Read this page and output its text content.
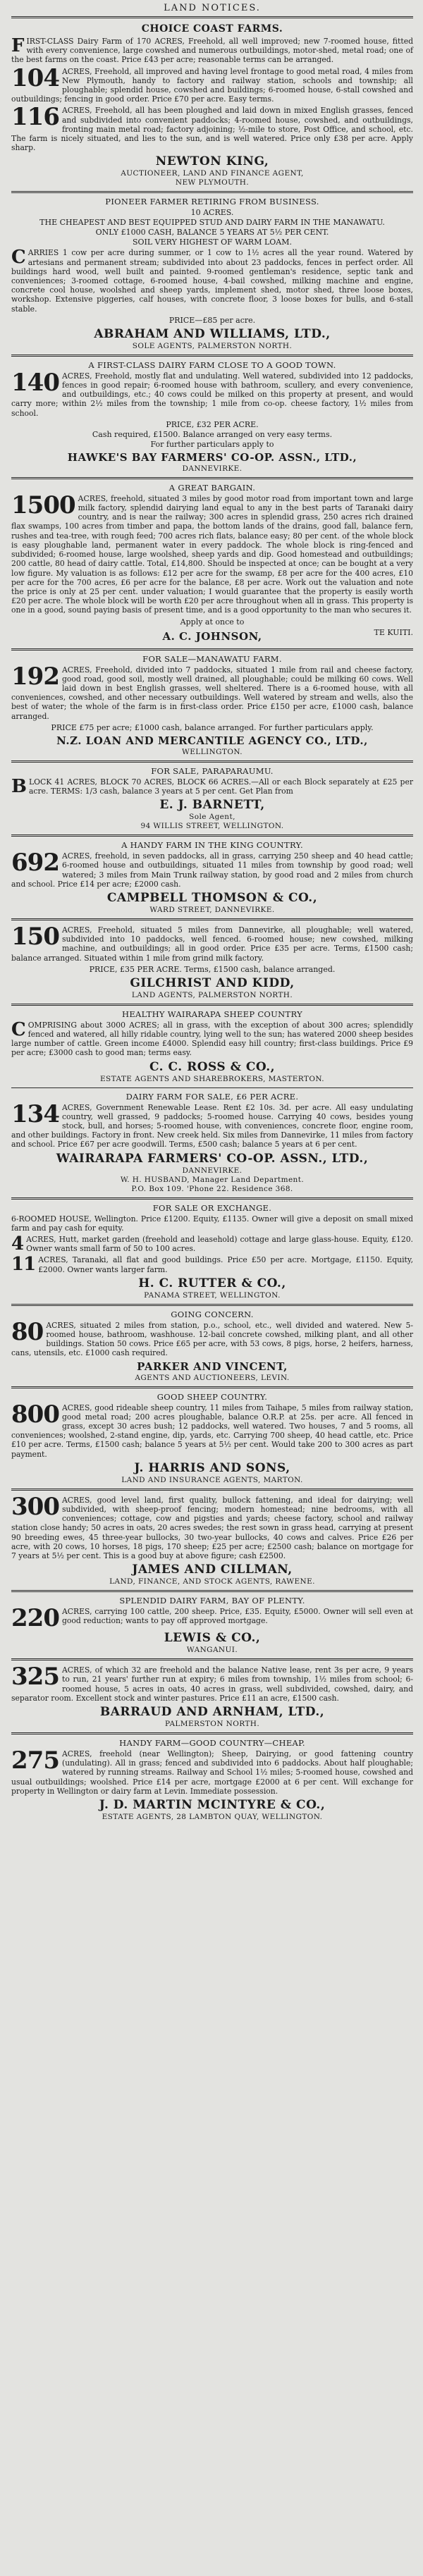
LAND NOTICES.
CHOICE COAST FARMS.

FIRST-CLASS Dairy Farm of 170 ACRES, Freehold, all well improved; new 7-roomed house, fitted with every convenience, large cowshed and numerous outbuildings, motor-shed, metal road; one of the best farms on the coast. Price £43 per acre; reasonable terms can be arranged.

104 ACRES, Freehold, all improved and having level frontage to good metal road, 4 miles from New Plymouth, handy to factory and railway station, schools and township; all ploughable; splendid house, cowshed and buildings; 6-roomed house, 6-stall cowshed and outbuildings; fencing in good order. Price £70 per acre. Easy terms.

116 ACRES, Freehold, all has been ploughed and laid down in mixed English grasses, fenced and subdivided into convenient paddocks; 4-roomed house, cowshed, and outbuildings, fronting main metal road; factory adjoining; ½-mile to store, Post Office, and school, etc. The farm is nicely situated, and lies to the sun, and is well watered. Price only £38 per acre. Apply sharp.

NEWTON KING,
AUCTIONEER, LAND AND FINANCE AGENT,
NEW PLYMOUTH.
PIONEER FARMER RETIRING FROM BUSINESS.
10 ACRES.
THE CHEAPEST AND BEST EQUIPPED STUD AND DAIRY FARM IN THE MANAWATU.
ONLY £1000 CASH, BALANCE 5 YEARS AT 5½ PER CENT.
SOIL VERY HIGHEST OF WARM LOAM.

CARRIES 1 cow per acre during summer, or 1 cow to 1½ acres all the year round. Watered by artesians and permanent stream; subdivided into about 23 paddocks, fences in perfect order. All buildings hard wood, well built and painted. 9-roomed gentleman's residence, septic tank and conveniences; 3-roomed cottage, 6-roomed house, 4-bail cowshed, milking machine and engine, concrete cool house, woolshed and sheep yards, implement shed, motor shed, three loose boxes, workshop. Extensive piggeries, calf houses, with concrete floor, 3 loose boxes for bulls, and 6-stall stable.

PRICE—£85 per acre.
ABRAHAM AND WILLIAMS, LTD.,
SOLE AGENTS, PALMERSTON NORTH.
A FIRST-CLASS DAIRY FARM CLOSE TO A GOOD TOWN.

140 ACRES, Freehold, mostly flat and undulating. Well watered, subdivided into 12 paddocks, fences in good repair; 6-roomed house with bathroom, scullery, and every convenience, and outbuildings, etc.; 40 cows could be milked on this property at present, and would carry more; within 2½ miles from the township; 1 mile from co-op. cheese factory, 1½ miles from school.

PRICE, £32 PER ACRE.
Cash required, £1500. Balance arranged on very easy terms.
For further particulars apply to
HAWKE'S BAY FARMERS' CO-OP. ASSN., LTD.,
DANNEVIRKE.
A GREAT BARGAIN.

1500 ACRES, freehold, situated 3 miles by good motor road from important town and large milk factory, splendid dairying land equal to any in the best parts of Taranaki dairy country, and is near the railway; 300 acres in splendid grass, 250 acres rich drained flax swamps, 100 acres from timber and papa, the bottom lands of the drains, good fall, balance fern, rushes and tea-tree, with rough feed; 700 acres rich flats, balance easy; 80 per cent. of the whole block is easy ploughable land, permanent water in every paddock. The whole block is ring-fenced and subdivided; 6-roomed house, large woolshed, sheep yards and dip. Good homestead and outbuildings; 200 cattle, 80 head of dairy cattle. Total, £14,800. Should be inspected at once; can be bought at a very low figure. My valuation is as follows: £12 per acre for the swamp, £8 per acre for the 400 acres, £10 per acre for the 700 acres, £6 per acre for the balance, £8 per acre. Work out the valuation and note the price is only at 25 per cent. under valuation; I would guarantee that the property is easily worth £20 per acre. The whole block will be worth £20 per acre throughout when all in grass. This property is one in a good, sound paying basis of present time, and is a good opportunity to the man who secures it.

Apply at once to
A. C. JOHNSON,	TE KUITI.
FOR SALE—MANAWATU FARM.

192 ACRES, Freehold, divided into 7 paddocks, situated 1 mile from rail and cheese factory, good road, good soil, mostly well drained, all ploughable; could be milking 60 cows. Well laid down in best English grasses, well sheltered. There is a 6-roomed house, with all conveniences, cowshed, and other necessary outbuildings. Well watered by stream and wells, also the best of water; the whole of the farm is in first-class order. Price £150 per acre, £1000 cash, balance arranged.

PRICE £75 per acre; £1000 cash, balance arranged. For further particulars apply.
N.Z. LOAN AND MERCANTILE AGENCY CO., LTD.,
WELLINGTON.
FOR SALE, PARAPARAUMU.

BLOCK 41 ACRES, BLOCK 70 ACRES, BLOCK 66 ACRES.—All or each Block separately at £25 per acre. TERMS: 1/3 cash, balance 3 years at 5 per cent. Get Plan from

E. J. BARNETT,
Sole Agent,
94 WILLIS STREET, WELLINGTON.
A HANDY FARM IN THE KING COUNTRY.

692 ACRES, freehold, in seven paddocks, all in grass, carrying 250 sheep and 40 head cattle; 6-roomed house and outbuildings, situated 11 miles from township by good road; well watered; 3 miles from Main Trunk railway station, by good road and 2 miles from church and school. Price £14 per acre; £2000 cash.

CAMPBELL THOMSON & CO.,
WARD STREET, DANNEVIRKE.

150 ACRES, Freehold, situated 5 miles from Dannevirke, all ploughable; well watered, subdivided into 10 paddocks, well fenced. 6-roomed house; new cowshed, milking machine, and outbuildings; all in good order. Price £35 per acre. Terms, £1500 cash; balance arranged. Situated within 1 mile from grind milk factory.

PRICE, £35 PER ACRE. Terms, £1500 cash, balance arranged.
GILCHRIST AND KIDD,
LAND AGENTS, PALMERSTON NORTH.
HEALTHY WAIRARAPA SHEEP COUNTRY

COMPRISING about 3000 ACRES; all in grass, with the exception of about 300 acres; splendidly fenced and watered, all hilly ridable country, lying well to the sun; has watered 2000 sheep besides large number of cattle. Green income £4000. Splendid easy hill country; first-class buildings. Price £9 per acre; £3000 cash to good man; terms easy.

C. C. ROSS & CO.,
ESTATE AGENTS AND SHAREBROKERS, MASTERTON.
DAIRY FARM FOR SALE, £6 PER ACRE.

134 ACRES, Government Renewable Lease. Rent £2 10s. 3d. per acre. All easy undulating country, well grassed, 9 paddocks; 5-roomed house. Carrying 40 cows, besides young stock, bull, and horses; 5-roomed house, with conveniences, concrete floor, engine room, and other buildings. Factory in front. New creek held. Six miles from Dannevirke, 11 miles from factory and school. Price £67 per acre goodwill. Terms, £500 cash; balance 5 years at 6 per cent.

WAIRARAPA FARMERS' CO-OP. ASSN., LTD.,
DANNEVIRKE.
W. H. HUSBAND, Manager Land Department.
P.O. Box 109. 'Phone 22. Residence 368.
FOR SALE OR EXCHANGE.

6-ROOMED HOUSE, Wellington. Price £1200. Equity, £1135. Owner will give a deposit on small mixed farm and pay cash for equity.

4 ACRES, Hutt, market garden (freehold and leasehold) cottage and large glass-house. Equity, £120. Owner wants small farm of 50 to 100 acres.

11 ACRES, Taranaki, all flat and good buildings. Price £50 per acre. Mortgage, £1150. Equity, £2000. Owner wants larger farm.

H. C. RUTTER & CO.,
PANAMA STREET, WELLINGTON.
GOING CONCERN.

80 ACRES, situated 2 miles from station, p.o., school, etc., well divided and watered. New 5-roomed house, bathroom, washhouse. 12-bail concrete cowshed, milking plant, and all other buildings. Station 50 cows. Price £65 per acre, with 53 cows, 8 pigs, horse, 2 heifers, harness, cans, utensils, etc. £1000 cash required.

PARKER AND VINCENT,
AGENTS AND AUCTIONEERS, LEVIN.
GOOD SHEEP COUNTRY.

800 ACRES, good rideable sheep country, 11 miles from Taihape, 5 miles from railway station, good metal road; 200 acres ploughable, balance O.R.P. at 25s. per acre. All fenced in grass, except 30 acres bush; 12 paddocks, well watered. Two houses, 7 and 5 rooms, all conveniences; woolshed, 2-stand engine, dip, yards, etc. Carrying 700 sheep, 40 head cattle, etc. Price £10 per acre. Terms, £1500 cash; balance 5 years at 5½ per cent. Would take 200 to 300 acres as part payment.

J. HARRIS AND SONS,
LAND AND INSURANCE AGENTS, MARTON.

300 ACRES, good level land, first quality, bullock fattening, and ideal for dairying; well subdivided, with sheep-proof fencing; modern homestead; nine bedrooms, with all conveniences; cottage, cow and pigsties and yards; cheese factory, school and railway station close handy; 50 acres in oats, 20 acres swedes; the rest sown in grass head, carrying at present 90 breeding ewes, 45 three-year bullocks, 30 two-year bullocks, 40 cows and calves. Price £26 per acre, with 20 cows, 10 horses, 18 pigs, 170 sheep; £25 per acre; £2500 cash; balance on mortgage for 7 years at 5½ per cent. This is a good buy at above figure; cash £2500.

JAMES AND CILLMAN,
LAND, FINANCE, AND STOCK AGENTS, RAWENE.
SPLENDID DAIRY FARM, BAY OF PLENTY.

220 ACRES, carrying 100 cattle, 200 sheep. Price, £35. Equity, £5000. Owner will sell even at good reduction; wants to pay off approved mortgage.

LEWIS & CO.,
WANGANUI.

325 ACRES, of which 32 are freehold and the balance Native lease, rent 3s per acre, 9 years to run, 21 years' further run at expiry; 6 miles from township, 1½ miles from school; 6-roomed house, 5 acres in oats, 40 acres in grass, well subdivided, cowshed, dairy, and separator room. Excellent stock and winter pastures. Price £11 an acre, £1500 cash.

BARRAUD AND ARNHAM, LTD.,
PALMERSTON NORTH.
HANDY FARM—GOOD COUNTRY—CHEAP.

275 ACRES, freehold (near Wellington); Sheep, Dairying, or good fattening country (undulating). All in grass; fenced and subdivided into 6 paddocks. About half ploughable; watered by running streams. Railway and School 1½ miles; 5-roomed house, cowshed and usual outbuildings; woolshed. Price £14 per acre, mortgage £2000 at 6 per cent. Will exchange for property in Wellington or dairy farm at Levin. Immediate possession.

J. D. MARTIN MCINTYRE & CO.,
ESTATE AGENTS, 28 LAMBTON QUAY, WELLINGTON.
